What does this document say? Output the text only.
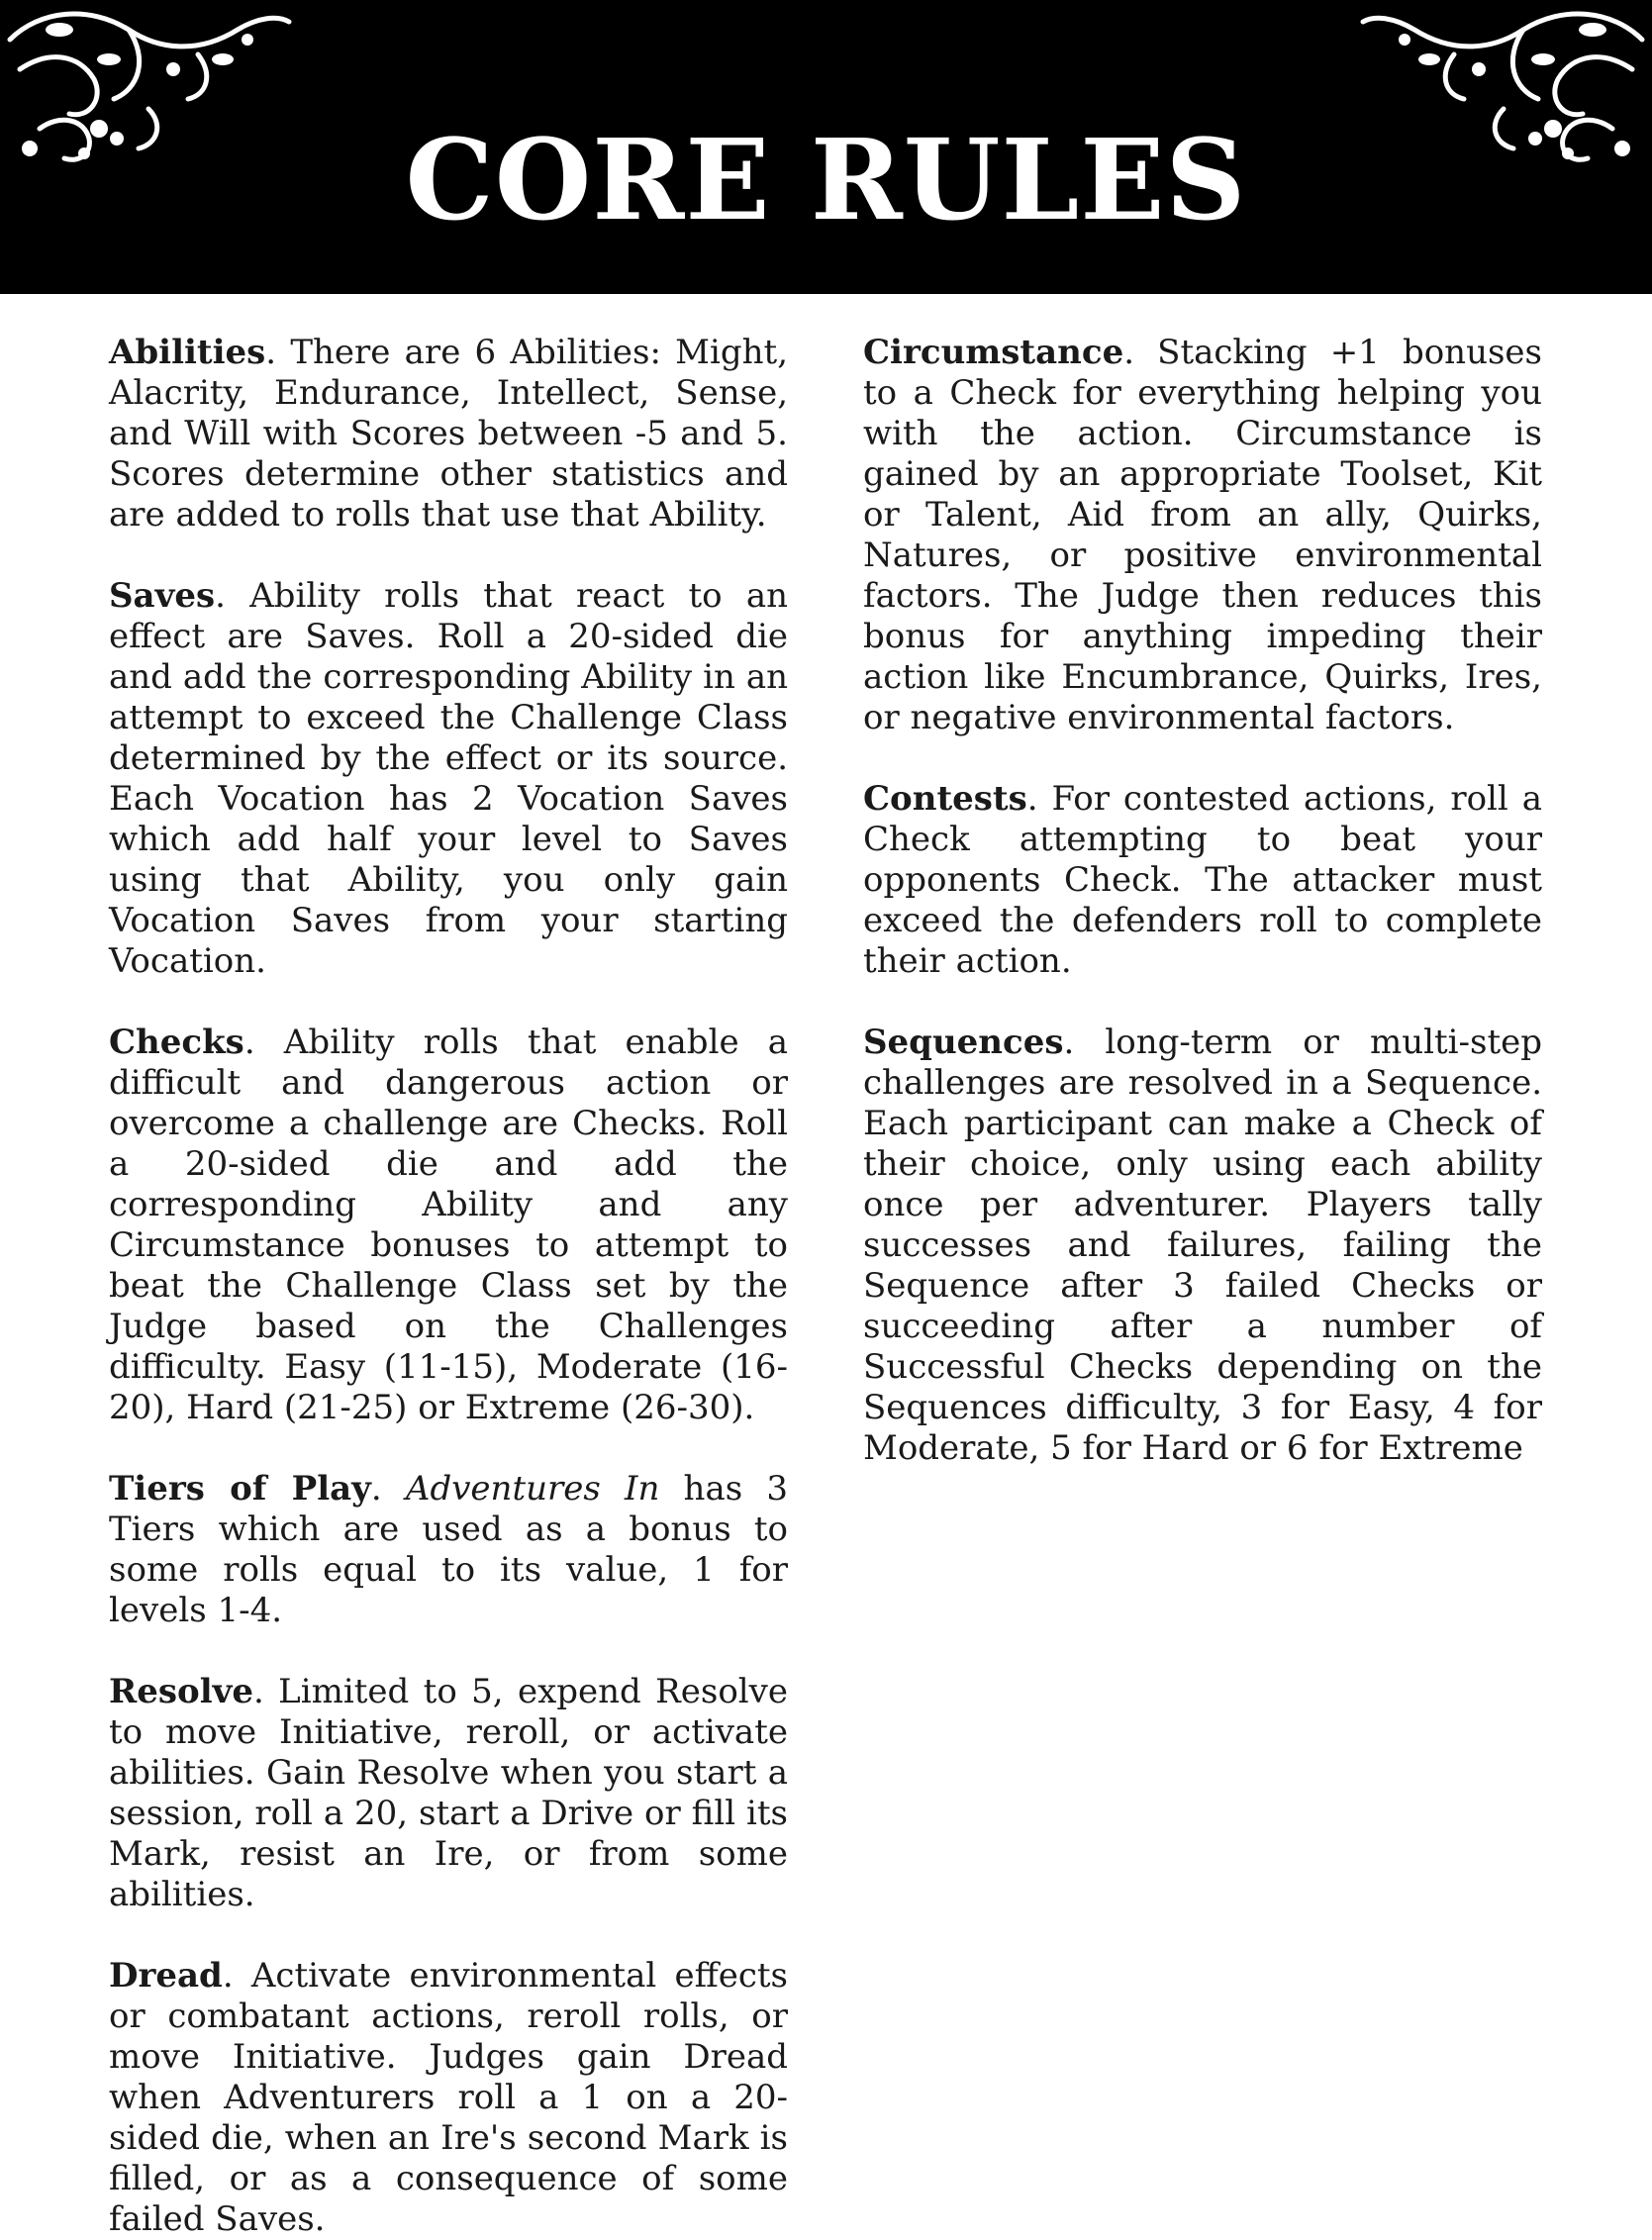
CORE RULES

Abilities. There are 6 Abilities: Might, Alacrity, Endurance, Intellect, Sense, and Will with Scores between -5 and 5. Scores determine other statistics and are added to rolls that use that Ability.

Saves. Ability rolls that react to an effect are Saves. Roll a 20-sided die and add the corresponding Ability in an attempt to exceed the Challenge Class determined by the effect or its source. Each Vocation has 2 Vocation Saves which add half your level to Saves using that Ability, you only gain Vocation Saves from your starting Vocation.

Checks. Ability rolls that enable a difficult and dangerous action or overcome a challenge are Checks. Roll a 20-sided die and add the corresponding Ability and any Circumstance bonuses to attempt to beat the Challenge Class set by the Judge based on the Challenges difficulty. Easy (11-15), Moderate (16-20), Hard (21-25) or Extreme (26-30).

Tiers of Play. Adventures In has 3 Tiers which are used as a bonus to some rolls equal to its value, 1 for levels 1-4.

Resolve. Limited to 5, expend Resolve to move Initiative, reroll, or activate abilities. Gain Resolve when you start a session, roll a 20, start a Drive or fill its Mark, resist an Ire, or from some abilities.

Dread. Activate environmental effects or combatant actions, reroll rolls, or move Initiative. Judges gain Dread when Adventurers roll a 1 on a 20-sided die, when an Ire's second Mark is filled, or as a consequence of some failed Saves.

Circumstance. Stacking +1 bonuses to a Check for everything helping you with the action. Circumstance is gained by an appropriate Toolset, Kit or Talent, Aid from an ally, Quirks, Natures, or positive environmental factors. The Judge then reduces this bonus for anything impeding their action like Encumbrance, Quirks, Ires, or negative environmental factors.

Contests. For contested actions, roll a Check attempting to beat your opponents Check. The attacker must exceed the defenders roll to complete their action.

Sequences. long-term or multi-step challenges are resolved in a Sequence. Each participant can make a Check of their choice, only using each ability once per adventurer. Players tally successes and failures, failing the Sequence after 3 failed Checks or succeeding after a number of Successful Checks depending on the Sequences difficulty, 3 for Easy, 4 for Moderate, 5 for Hard or 6 for Extreme
